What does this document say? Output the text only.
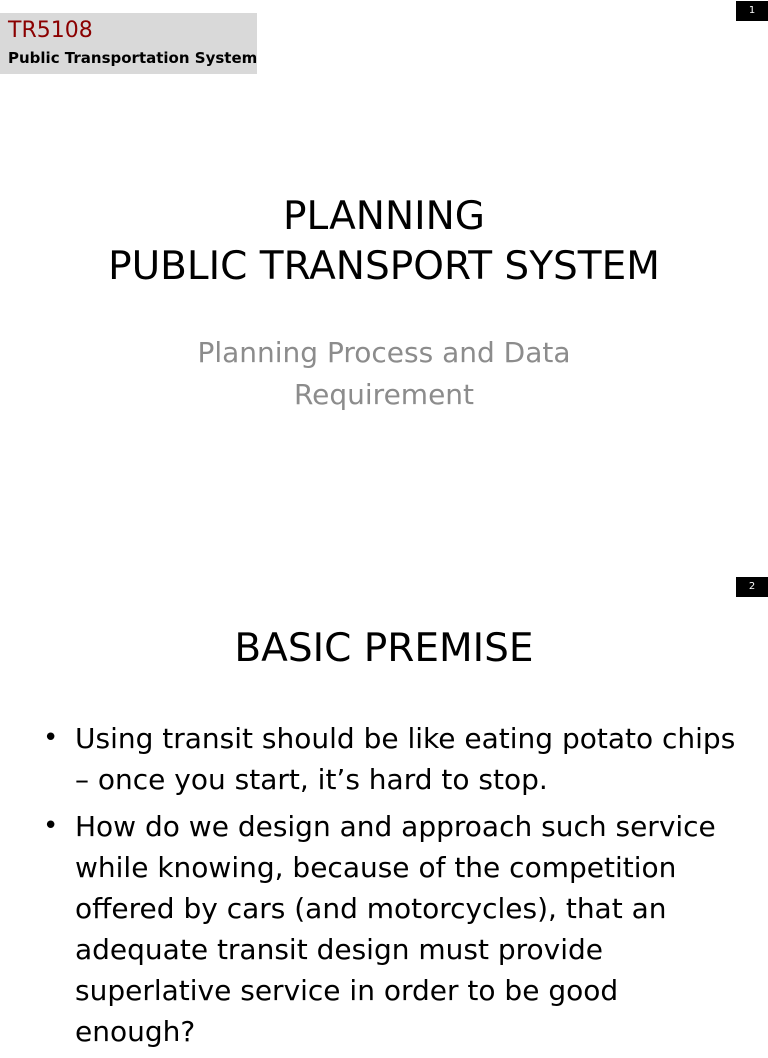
1
TR5108
Public Transportation System
PLANNING
PUBLIC TRANSPORT SYSTEM
Planning Process and Data
Requirement
2
BASIC PREMISE
• Using transit should be like eating potato chips
– once you start, it’s hard to stop.
• How do we design and approach such service
while knowing, because of the competition
offered by cars (and motorcycles), that an
adequate transit design must provide
superlative service in order to be good
enough?
